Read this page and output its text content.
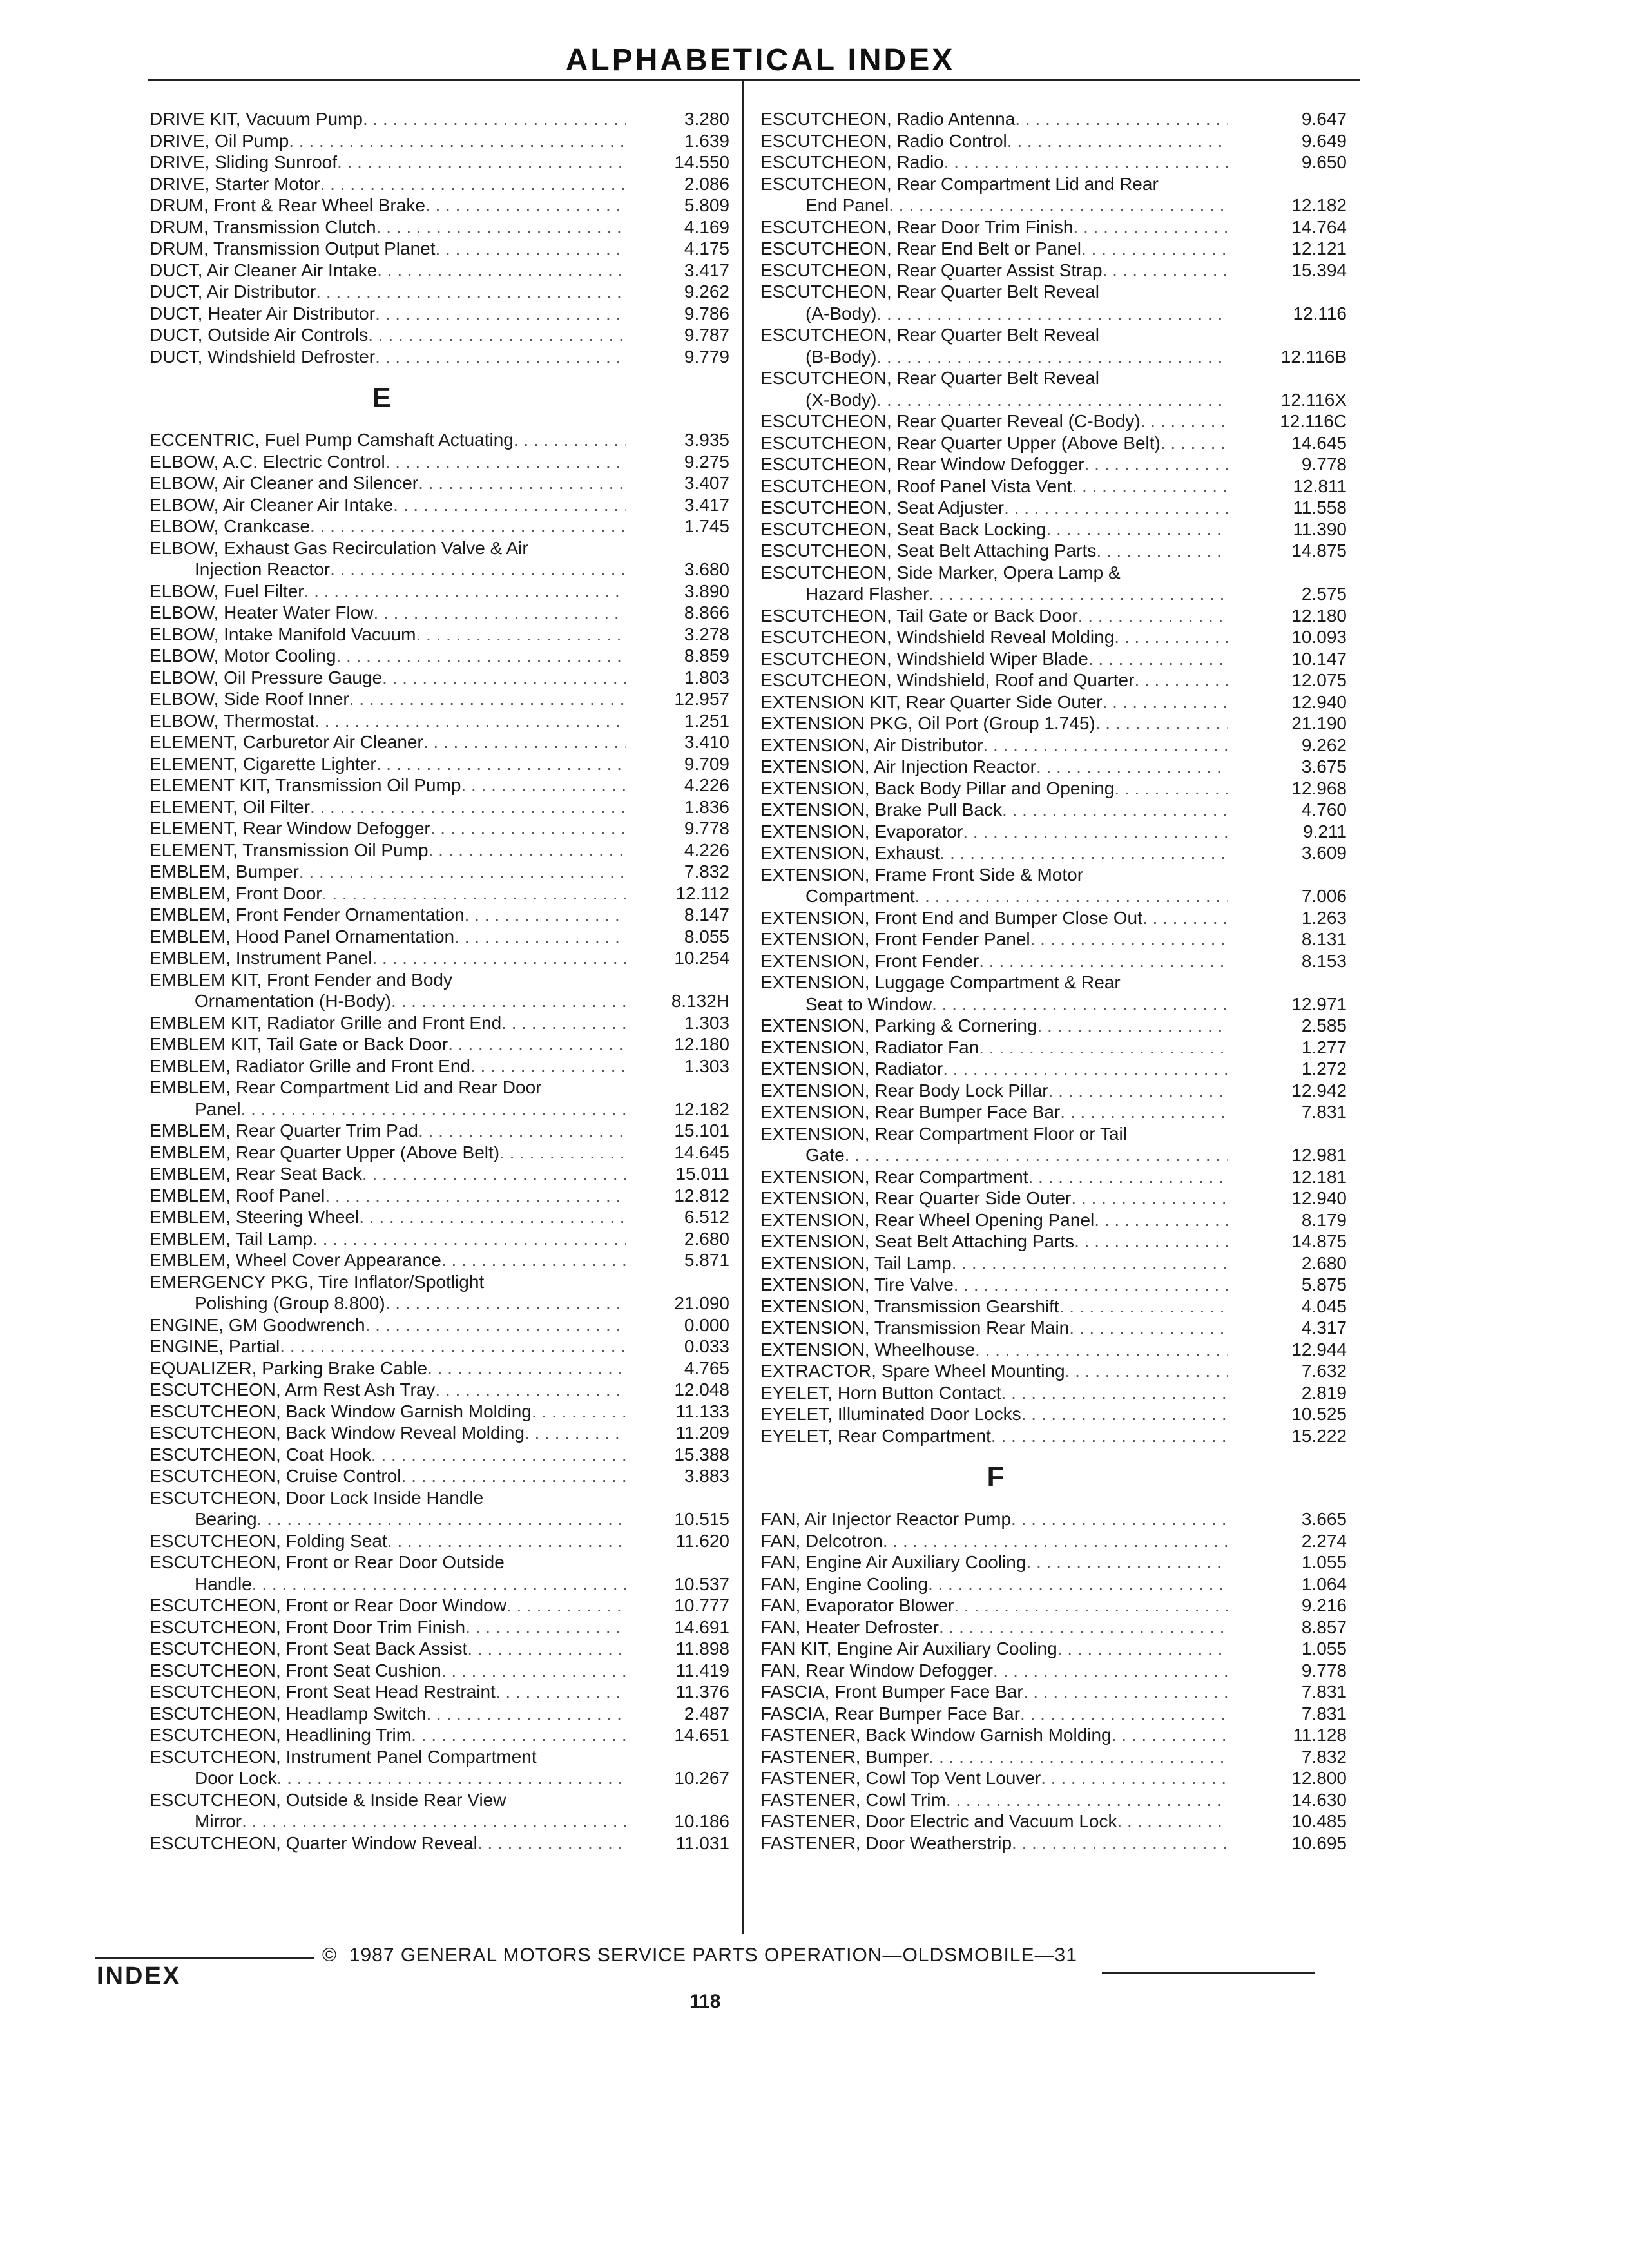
ALPHABETICAL INDEX
DRIVE KIT, Vacuum Pump . . .	3.280
DRIVE, Oil Pump . . .	1.639
DRIVE, Sliding Sunroof . . .	14.550
DRIVE, Starter Motor . . .	2.086
DRUM, Front & Rear Wheel Brake . . .	5.809
DRUM, Transmission Clutch . . .	4.169
DRUM, Transmission Output Planet . . .	4.175
DUCT, Air Cleaner Air Intake . . .	3.417
DUCT, Air Distributor . . .	9.262
DUCT, Heater Air Distributor . . .	9.786
DUCT, Outside Air Controls . . .	9.787
DUCT, Windshield Defroster . . .	9.779
E
ECCENTRIC, Fuel Pump Camshaft Actuating . . .	3.935
ELBOW, A.C. Electric Control . . .	9.275
ELBOW, Air Cleaner and Silencer . . .	3.407
ELBOW, Air Cleaner Air Intake . . .	3.417
ELBOW, Crankcase . . .	1.745
ELBOW, Exhaust Gas Recirculation Valve & Air
Injection Reactor . . .	3.680
ELBOW, Fuel Filter . . .	3.890
ELBOW, Heater Water Flow . . .	8.866
ELBOW, Intake Manifold Vacuum . . .	3.278
ELBOW, Motor Cooling . . .	8.859
ELBOW, Oil Pressure Gauge . . .	1.803
ELBOW, Side Roof Inner . . .	12.957
ELBOW, Thermostat . . .	1.251
ELEMENT, Carburetor Air Cleaner . . .	3.410
ELEMENT, Cigarette Lighter . . .	9.709
ELEMENT KIT, Transmission Oil Pump . . .	4.226
ELEMENT, Oil Filter . . .	1.836
ELEMENT, Rear Window Defogger . . .	9.778
ELEMENT, Transmission Oil Pump . . .	4.226
EMBLEM, Bumper . . .	7.832
EMBLEM, Front Door . . .	12.112
EMBLEM, Front Fender Ornamentation . . .	8.147
EMBLEM, Hood Panel Ornamentation . . .	8.055
EMBLEM, Instrument Panel . . .	10.254
EMBLEM KIT, Front Fender and Body
Ornamentation (H-Body) . . .	8.132H
EMBLEM KIT, Radiator Grille and Front End . . .	1.303
EMBLEM KIT, Tail Gate or Back Door . . .	12.180
EMBLEM, Radiator Grille and Front End . . .	1.303
EMBLEM, Rear Compartment Lid and Rear Door
Panel . . .	12.182
EMBLEM, Rear Quarter Trim Pad . . .	15.101
EMBLEM, Rear Quarter Upper (Above Belt) . . .	14.645
EMBLEM, Rear Seat Back . . .	15.011
EMBLEM, Roof Panel . . .	12.812
EMBLEM, Steering Wheel . . .	6.512
EMBLEM, Tail Lamp . . .	2.680
EMBLEM, Wheel Cover Appearance . . .	5.871
EMERGENCY PKG, Tire Inflator/Spotlight
Polishing (Group 8.800) . . .	21.090
ENGINE, GM Goodwrench . . .	0.000
ENGINE, Partial . . .	0.033
EQUALIZER, Parking Brake Cable . . .	4.765
ESCUTCHEON, Arm Rest Ash Tray . . .	12.048
ESCUTCHEON, Back Window Garnish Molding . . .	11.133
ESCUTCHEON, Back Window Reveal Molding . . .	11.209
ESCUTCHEON, Coat Hook . . .	15.388
ESCUTCHEON, Cruise Control . . .	3.883
ESCUTCHEON, Door Lock Inside Handle
Bearing . . .	10.515
ESCUTCHEON, Folding Seat . . .	11.620
ESCUTCHEON, Front or Rear Door Outside
Handle . . .	10.537
ESCUTCHEON, Front or Rear Door Window . . .	10.777
ESCUTCHEON, Front Door Trim Finish . . .	14.691
ESCUTCHEON, Front Seat Back Assist . . .	11.898
ESCUTCHEON, Front Seat Cushion . . .	11.419
ESCUTCHEON, Front Seat Head Restraint . . .	11.376
ESCUTCHEON, Headlamp Switch . . .	2.487
ESCUTCHEON, Headlining Trim . . .	14.651
ESCUTCHEON, Instrument Panel Compartment
Door Lock . . .	10.267
ESCUTCHEON, Outside & Inside Rear View
Mirror . . .	10.186
ESCUTCHEON, Quarter Window Reveal . . .	11.031
ESCUTCHEON, Radio Antenna . . .	9.647
ESCUTCHEON, Radio Control . . .	9.649
ESCUTCHEON, Radio . . .	9.650
ESCUTCHEON, Rear Compartment Lid and Rear
End Panel . . .	12.182
ESCUTCHEON, Rear Door Trim Finish . . .	14.764
ESCUTCHEON, Rear End Belt or Panel . . .	12.121
ESCUTCHEON, Rear Quarter Assist Strap . . .	15.394
ESCUTCHEON, Rear Quarter Belt Reveal
(A-Body) . . .	12.116
ESCUTCHEON, Rear Quarter Belt Reveal
(B-Body) . . .	12.116B
ESCUTCHEON, Rear Quarter Belt Reveal
(X-Body) . . .	12.116X
ESCUTCHEON, Rear Quarter Reveal (C-Body) . . .	12.116C
ESCUTCHEON, Rear Quarter Upper (Above Belt) . . .	14.645
ESCUTCHEON, Rear Window Defogger . . .	9.778
ESCUTCHEON, Roof Panel Vista Vent . . .	12.811
ESCUTCHEON, Seat Adjuster . . .	11.558
ESCUTCHEON, Seat Back Locking . . .	11.390
ESCUTCHEON, Seat Belt Attaching Parts . . .	14.875
ESCUTCHEON, Side Marker, Opera Lamp &
Hazard Flasher . . .	2.575
ESCUTCHEON, Tail Gate or Back Door . . .	12.180
ESCUTCHEON, Windshield Reveal Molding . . .	10.093
ESCUTCHEON, Windshield Wiper Blade . . .	10.147
ESCUTCHEON, Windshield, Roof and Quarter . . .	12.075
EXTENSION KIT, Rear Quarter Side Outer . . .	12.940
EXTENSION PKG, Oil Port (Group 1.745) . . .	21.190
EXTENSION, Air Distributor . . .	9.262
EXTENSION, Air Injection Reactor . . .	3.675
EXTENSION, Back Body Pillar and Opening . . .	12.968
EXTENSION, Brake Pull Back . . .	4.760
EXTENSION, Evaporator . . .	9.211
EXTENSION, Exhaust . . .	3.609
EXTENSION, Frame Front Side & Motor
Compartment . . .	7.006
EXTENSION, Front End and Bumper Close Out . . .	1.263
EXTENSION, Front Fender Panel . . .	8.131
EXTENSION, Front Fender . . .	8.153
EXTENSION, Luggage Compartment & Rear
Seat to Window . . .	12.971
EXTENSION, Parking & Cornering . . .	2.585
EXTENSION, Radiator Fan . . .	1.277
EXTENSION, Radiator . . .	1.272
EXTENSION, Rear Body Lock Pillar . . .	12.942
EXTENSION, Rear Bumper Face Bar . . .	7.831
EXTENSION, Rear Compartment Floor or Tail
Gate . . .	12.981
EXTENSION, Rear Compartment . . .	12.181
EXTENSION, Rear Quarter Side Outer . . .	12.940
EXTENSION, Rear Wheel Opening Panel . . .	8.179
EXTENSION, Seat Belt Attaching Parts . . .	14.875
EXTENSION, Tail Lamp . . .	2.680
EXTENSION, Tire Valve . . .	5.875
EXTENSION, Transmission Gearshift . . .	4.045
EXTENSION, Transmission Rear Main . . .	4.317
EXTENSION, Wheelhouse . . .	12.944
EXTRACTOR, Spare Wheel Mounting . . .	7.632
EYELET, Horn Button Contact . . .	2.819
EYELET, Illuminated Door Locks . . .	10.525
EYELET, Rear Compartment . . .	15.222
F
FAN, Air Injector Reactor Pump . . .	3.665
FAN, Delcotron . . .	2.274
FAN, Engine Air Auxiliary Cooling . . .	1.055
FAN, Engine Cooling . . .	1.064
FAN, Evaporator Blower . . .	9.216
FAN, Heater Defroster . . .	8.857
FAN KIT, Engine Air Auxiliary Cooling . . .	1.055
FAN, Rear Window Defogger . . .	9.778
FASCIA, Front Bumper Face Bar . . .	7.831
FASCIA, Rear Bumper Face Bar . . .	7.831
FASTENER, Back Window Garnish Molding . . .	11.128
FASTENER, Bumper . . .	7.832
FASTENER, Cowl Top Vent Louver . . .	12.800
FASTENER, Cowl Trim . . .	14.630
FASTENER, Door Electric and Vacuum Lock . . .	10.485
FASTENER, Door Weatherstrip . . .	10.695
©  1987 GENERAL MOTORS SERVICE PARTS OPERATION—OLDSMOBILE—31
INDEX
118
